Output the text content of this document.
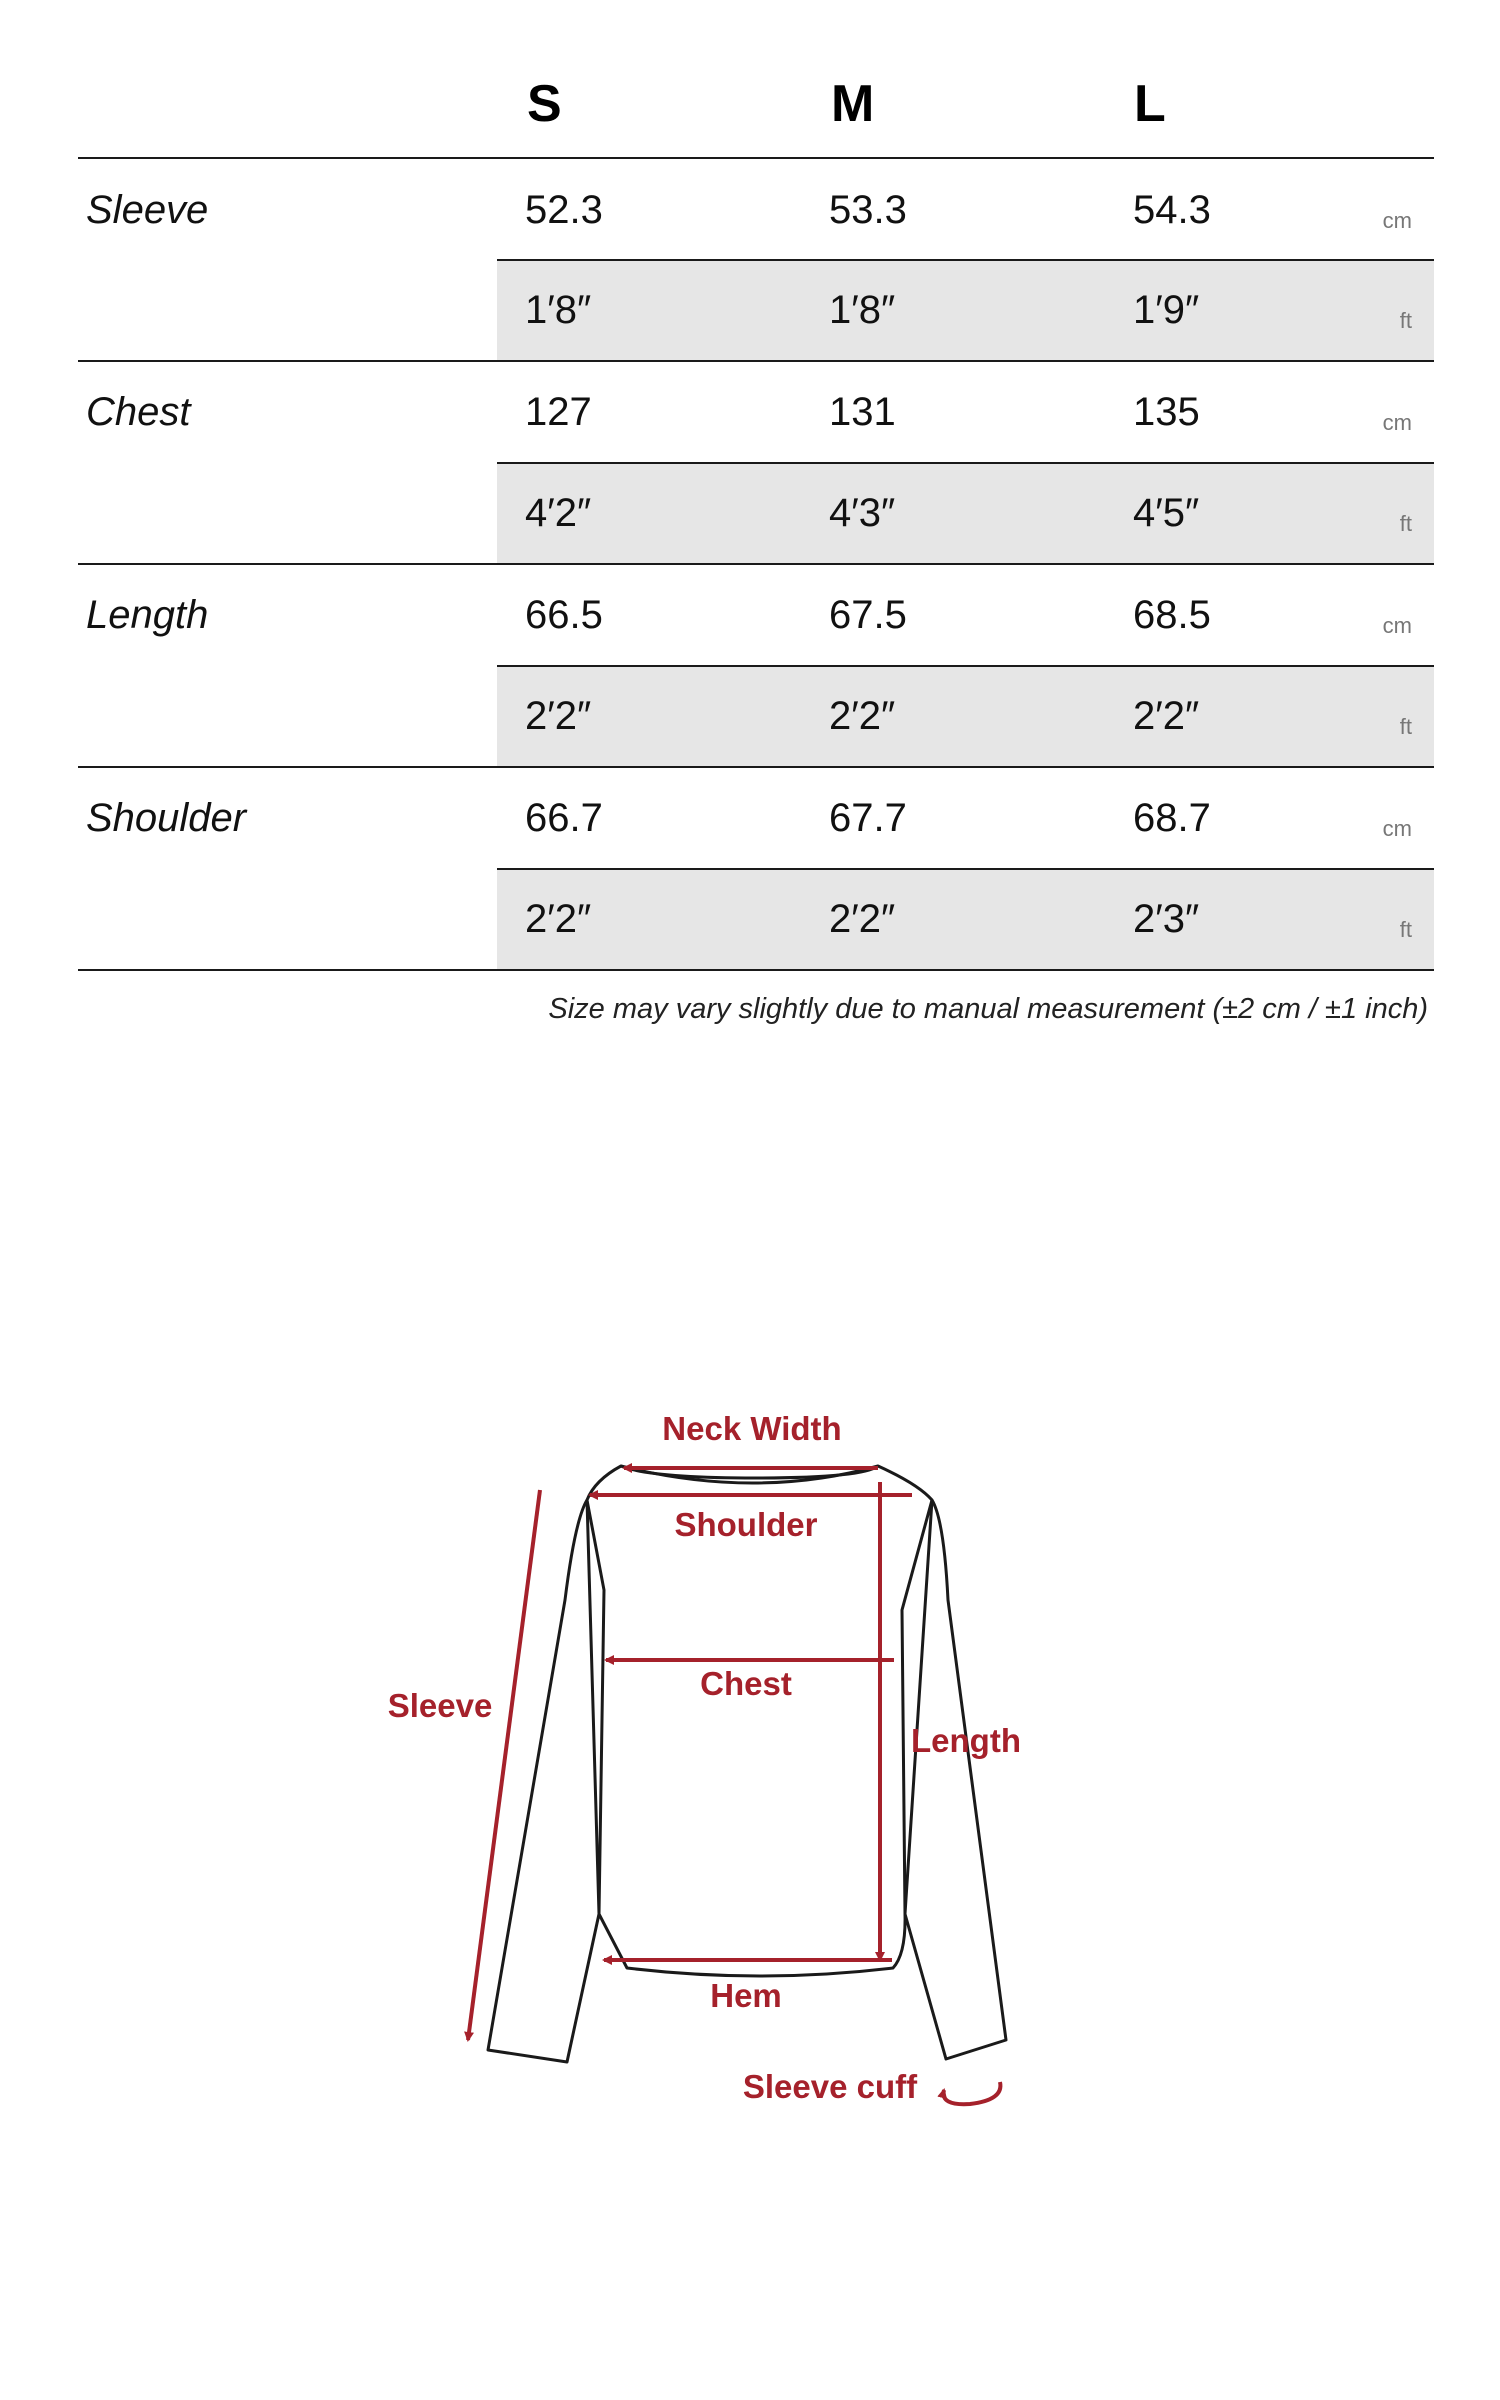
S	M	L
Sleeve	52.3	53.3	54.3	cm
1′8″	1′8″	1′9″	ft
Chest	127	131	135	cm
4′2″	4′3″	4′5″	ft
Length	66.5	67.5	68.5	cm
2′2″	2′2″	2′2″	ft
Shoulder	66.7	67.7	68.7	cm
2′2″	2′2″	2′3″	ft
Size may vary slightly due to manual measurement (±2 cm / ±1 inch)
Neck Width
Shoulder
Chest
Sleeve
Length
Hem
Sleeve cuff
